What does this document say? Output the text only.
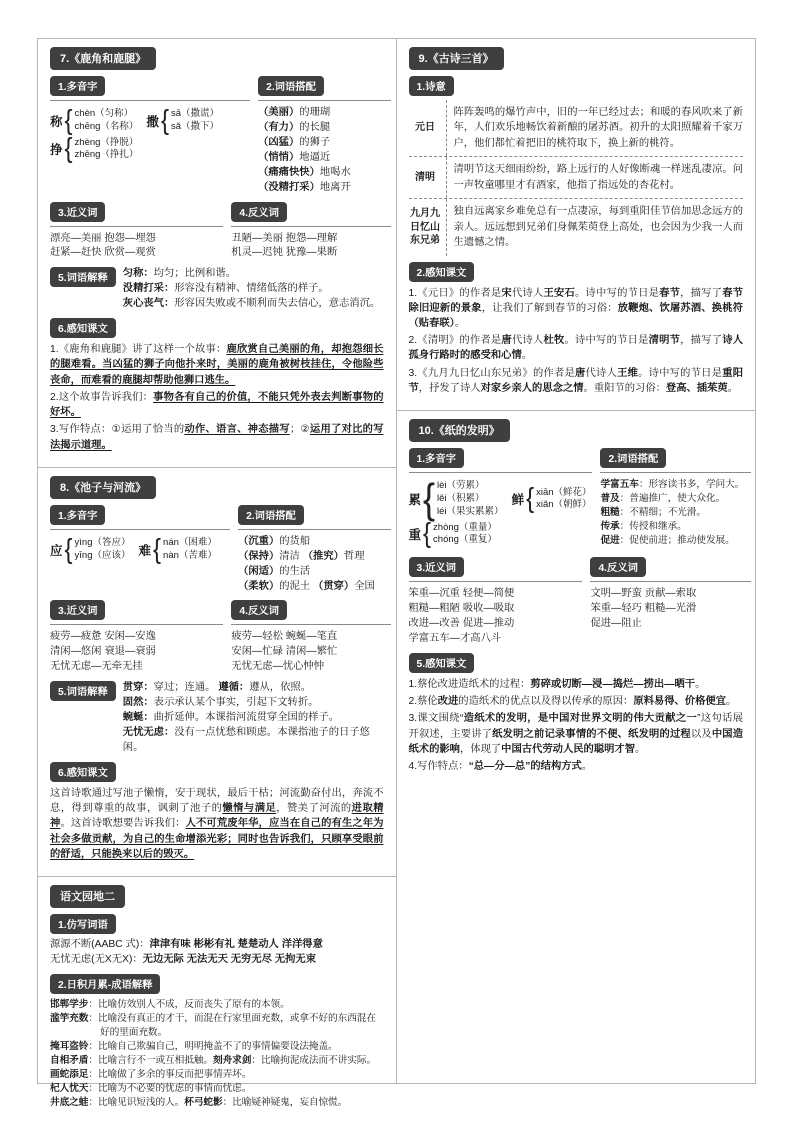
7.《鹿角和鹿腿》
1.多音字
称 { chèn（匀称）
chēng（名称） 撒 { sā（撒谎）
sǎ（撒下）
挣 { zhèng（挣脱）
zhēng（挣扎）
2.词语搭配
（美丽）的珊瑚
（有力）的长腿
（凶猛）的狮子
（悄悄）地逼近
（痛痛快快）地喝水
（没精打采）地离开
3.近义词
漂亮—美丽 抱怨—埋怨
赶紧—赶快 欣赏—观赏
4.反义词
丑陋—美丽 抱怨—理解
机灵—迟钝 犹豫—果断
5.词语解释	匀称：均匀；比例和谐。
没精打采：形容没有精神、情绪低落的样子。
灰心丧气：形容因失败或不顺利而失去信心，意志消沉。
6.感知课文
1.《鹿角和鹿腿》讲了这样一个故事：鹿欣赏自己美丽的角，却抱怨细长的腿难看。当凶猛的狮子向他扑来时，美丽的鹿角被树枝挂住，令他险些丧命，而难看的鹿腿却帮助他狮口逃生。
2.这个故事告诉我们：事物各有自己的价值，不能只凭外表去判断事物的好坏。
3.写作特点：①运用了恰当的动作、语言、神态描写；②运用了对比的写法揭示道理。
8.《池子与河流》
1.多音字
应 { yìng（答应）
yīng（应该） 难 { nán（困难）
nàn（苦难）
2.词语搭配
（沉重）的货船
（保持）清洁 （推究）哲理
（闲适）的生活
（柔软）的泥土 （贯穿）全国
3.近义词
疲劳—疲惫 安闲—安逸
清闲—悠闲 衰退—衰弱
无忧无虑—无牵无挂
4.反义词
疲劳—轻松 蜿蜒—笔直
安闲—忙碌 清闲—繁忙
无忧无虑—忧心忡忡
5.词语解释	贯穿：穿过；连通。 遵循：遵从，依照。
固然：表示承认某个事实，引起下文转折。
蜿蜒：曲折延伸。本课指河流贯穿全国的样子。
无忧无虑：没有一点忧愁和顾虑。本课指池子的日子悠闲。
6.感知课文
这首诗歌通过写池子懒惰，安于现状，最后干枯；河流勤奋付出，奔流不息，得到尊重的故事，讽刺了池子的懒惰与满足，赞美了河流的进取精神。这首诗歌想要告诉我们：人不可荒废年华，应当在自己的有生之年为社会多做贡献，为自己的生命增添光彩；同时也告诉我们，只顾享受眼前的舒适，只能换来以后的毁灭。
语文园地二
1.仿写词语
源源不断(AABC 式)：津津有味 彬彬有礼 楚楚动人 洋洋得意
无忧无虑(无X无X)：无边无际 无法无天 无穷无尽 无拘无束
2.日积月累-成语解释
邯郸学步：比喻仿效别人不成，反而丧失了原有的本领。
滥竽充数：比喻没有真正的才干，而混在行家里面充数，或拿不好的东西混在好的里面充数。
掩耳盗铃：比喻自己欺骗自己，明明掩盖不了的事情偏要设法掩盖。
自相矛盾：比喻言行不一或互相抵触。刻舟求剑：比喻拘泥成法而不讲实际。
画蛇添足：比喻做了多余的事反而把事情弄坏。
杞人忧天：比喻为不必要的忧虑的事情而忧虑。
井底之蛙：比喻见识短浅的人。杯弓蛇影：比喻疑神疑鬼，妄自惊慌。
9.《古诗三首》
1.诗意
元日
阵阵轰鸣的爆竹声中，旧的一年已经过去；和暖的春风吹来了新年，人们欢乐地畅饮着新酿的屠苏酒。初升的太阳照耀着千家万户，他们都忙着把旧的桃符取下，换上新的桃符。
清明
清明节这天细雨纷纷，路上远行的人好像断魂一样迷乱凄凉。问一声牧童哪里才有酒家，他指了指远处的杏花村。
九月九日忆山东兄弟
独自远离家乡难免总有一点凄凉，每到重阳佳节倍加思念远方的亲人。远远想到兄弟们身佩茱萸登上高处，也会因为少我一人而生遗憾之情。
2.感知课文
1.《元日》的作者是宋代诗人王安石。诗中写的节日是春节，描写了春节除旧迎新的景象，让我们了解到春节的习俗：放鞭炮、饮屠苏酒、换桃符（贴春联）。
2.《清明》的作者是唐代诗人杜牧。诗中写的节日是清明节，描写了诗人孤身行路时的感受和心情。
3.《九月九日忆山东兄弟》的作者是唐代诗人王维。诗中写的节日是重阳节，抒发了诗人对家乡亲人的思念之情。重阳节的习俗：登高、插茱萸。
10.《纸的发明》
1.多音字
累 { lèi（劳累）
lěi（积累）
léi（果实累累）
鲜 { xiān（鲜花）
xiǎn（朝鲜）
重 { zhòng（重量）
chóng（重复）
2.词语搭配
学富五车：形容读书多，学问大。
普及：普遍推广，使大众化。
粗糙：不精细；不光滑。
传承：传授和继承。
促进：促使前进；推动使发展。
3.近义词
笨重—沉重 轻便—简便
粗糙—粗陋 吸收—吸取
改进—改善 促进—推动
学富五车—才高八斗
4.反义词
文明—野蛮 贡献—索取
笨重—轻巧 粗糙—光滑
促进—阻止
5.感知课文
1.蔡伦改进造纸术的过程：剪碎或切断—浸—捣烂—捞出—晒干。
2.蔡伦改进的造纸术的优点以及得以传承的原因：原料易得、价格便宜。
3.课文围绕“造纸术的发明，是中国对世界文明的伟大贡献之一”这句话展开叙述，主要讲了纸发明之前记录事情的不便、纸发明的过程以及中国造纸术的影响，体现了中国古代劳动人民的聪明才智。
4.写作特点：“总—分—总”的结构方式。
